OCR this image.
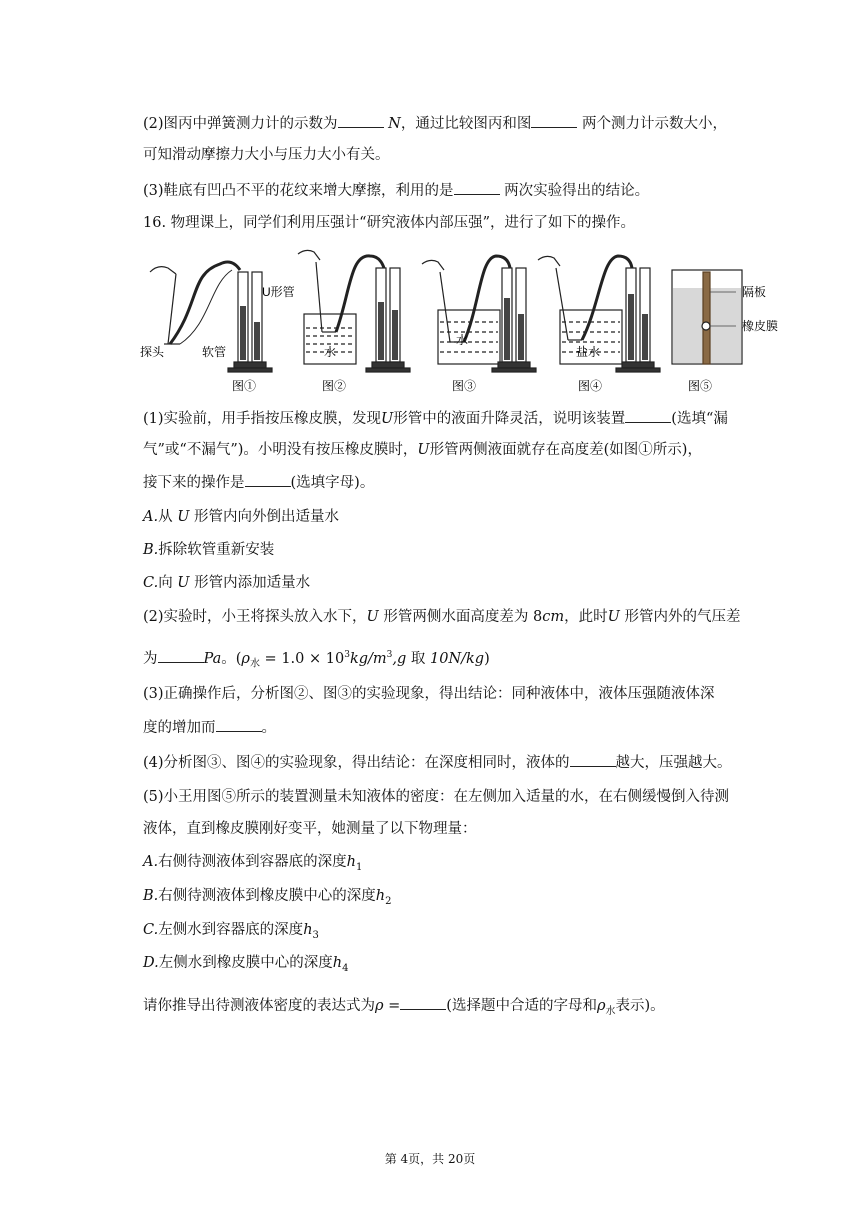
(2)图丙中弹簧测力计的示数为	N，通过比较图丙和图	两个测力计示数大小，
可知滑动摩擦力大小与压力大小有关。
(3)鞋底有凹凸不平的花纹来增大摩擦，利用的是	两次实验得出的结论。
16. 物理课上，同学们利用压强计“研究液体内部压强”，进行了如下的操作。
U形管
探头	软管
图①
水
图②
水
图③
盐水
图④
隔板
橡皮膜
图⑤
(1)实验前，用手指按压橡皮膜，发现U形管中的液面升降灵活，说明该装置	(选填“漏
气”或“不漏气”)。小明没有按压橡皮膜时，U形管两侧液面就存在高度差(如图①所示)，
接下来的操作是	(选填字母)。
A.从 U 形管内向外倒出适量水
B.拆除软管重新安装
C.向 U 形管内添加适量水
(2)实验时，小王将探头放入水下，U 形管两侧水面高度差为 8cm，此时U 形管内外的气压差
为	Pa。($\rho_水 = 1.0 \times 10^3kg/m^3,g$ 取 10N/kg)
(3)正确操作后，分析图②、图③的实验现象，得出结论：同种液体中，液体压强随液体深
度的增加而	。
(4)分析图③、图④的实验现象，得出结论：在深度相同时，液体的	越大，压强越大。
(5)小王用图⑤所示的装置测量未知液体的密度：在左侧加入适量的水，在右侧缓慢倒入待测
液体，直到橡皮膜刚好变平，她测量了以下物理量：
A.右侧待测液体到容器底的深度$h_1$
B.右侧待测液体到橡皮膜中心的深度$h_2$
C.左侧水到容器底的深度$h_3$
D.左侧水到橡皮膜中心的深度$h_4$
请你推导出待测液体密度的表达式为ρ =	(选择题中合适的字母和$\rho_水$表示)。
第 4页，共 20页
